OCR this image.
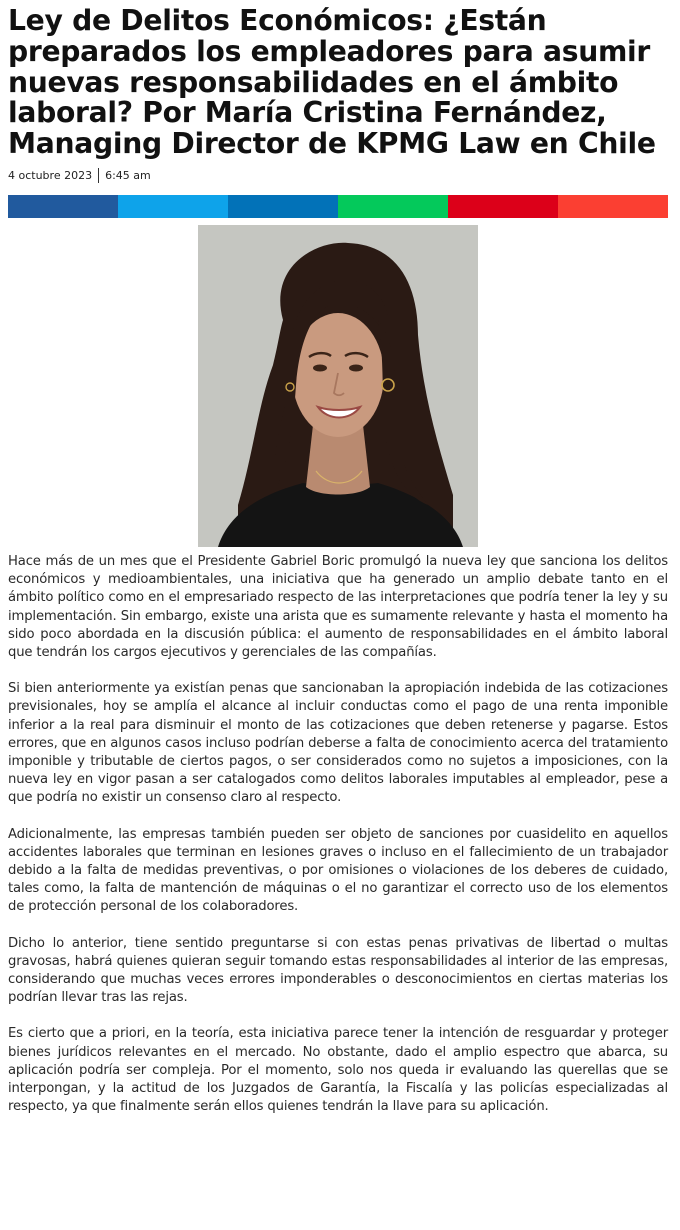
Ley de Delitos Económicos: ¿Están preparados los empleadores para asumir nuevas responsabilidades en el ámbito laboral? Por María Cristina Fernández, Managing Director de KPMG Law en Chile
4 octubre 2023 6:45 am

Hace más de un mes que el Presidente Gabriel Boric promulgó la nueva ley que sanciona los delitos económicos y medioambientales, una iniciativa que ha generado un amplio debate tanto en el ámbito político como en el empresariado respecto de las interpretaciones que podría tener la ley y su implementación. Sin embargo, existe una arista que es sumamente relevante y hasta el momento ha sido poco abordada en la discusión pública: el aumento de responsabilidades en el ámbito laboral que tendrán los cargos ejecutivos y gerenciales de las compañías.

Si bien anteriormente ya existían penas que sancionaban la apropiación indebida de las cotizaciones previsionales, hoy se amplía el alcance al incluir conductas como el pago de una renta imponible inferior a la real para disminuir el monto de las cotizaciones que deben retenerse y pagarse. Estos errores, que en algunos casos incluso podrían deberse a falta de conocimiento acerca del tratamiento imponible y tributable de ciertos pagos, o ser considerados como no sujetos a imposiciones, con la nueva ley en vigor pasan a ser catalogados como delitos laborales imputables al empleador, pese a que podría no existir un consenso claro al respecto.

Adicionalmente, las empresas también pueden ser objeto de sanciones por cuasidelito en aquellos accidentes laborales que terminan en lesiones graves o incluso en el fallecimiento de un trabajador debido a la falta de medidas preventivas, o por omisiones o violaciones de los deberes de cuidado, tales como, la falta de mantención de máquinas o el no garantizar el correcto uso de los elementos de protección personal de los colaboradores.

Dicho lo anterior, tiene sentido preguntarse si con estas penas privativas de libertad o multas gravosas, habrá quienes quieran seguir tomando estas responsabilidades al interior de las empresas, considerando que muchas veces errores imponderables o desconocimientos en ciertas materias los podrían llevar tras las rejas.

Es cierto que a priori, en la teoría, esta iniciativa parece tener la intención de resguardar y proteger bienes jurídicos relevantes en el mercado. No obstante, dado el amplio espectro que abarca, su aplicación podría ser compleja. Por el momento, solo nos queda ir evaluando las querellas que se interpongan, y la actitud de los Juzgados de Garantía, la Fiscalía y las policías especializadas al respecto, ya que finalmente serán ellos quienes tendrán la llave para su aplicación.
